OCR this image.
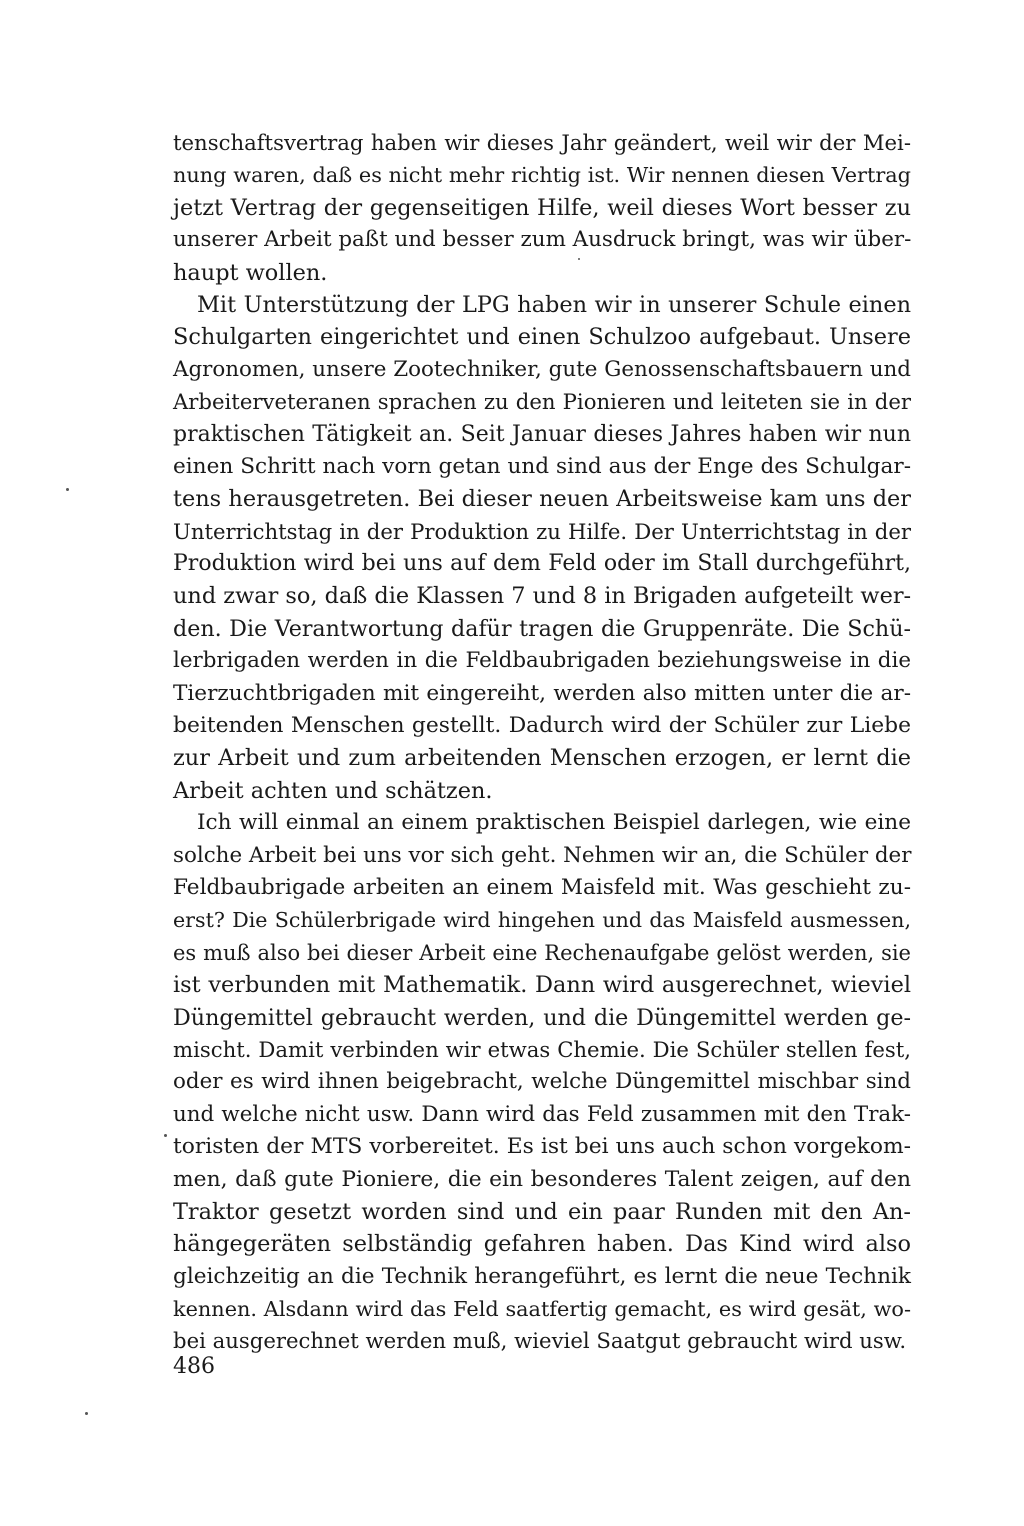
tenschaftsvertrag haben wir dieses Jahr geändert, weil wir der Mei-
nung waren, daß es nicht mehr richtig ist. Wir nennen diesen Vertrag
jetzt Vertrag der gegenseitigen Hilfe, weil dieses Wort besser zu
unserer Arbeit paßt und besser zum Ausdruck bringt, was wir über-
haupt wollen.
Mit Unterstützung der LPG haben wir in unserer Schule einen
Schulgarten eingerichtet und einen Schulzoo aufgebaut. Unsere
Agronomen, unsere Zootechniker, gute Genossenschaftsbauern und
Arbeiterveteranen sprachen zu den Pionieren und leiteten sie in der
praktischen Tätigkeit an. Seit Januar dieses Jahres haben wir nun
einen Schritt nach vorn getan und sind aus der Enge des Schulgar-
tens herausgetreten. Bei dieser neuen Arbeitsweise kam uns der
Unterrichtstag in der Produktion zu Hilfe. Der Unterrichtstag in der
Produktion wird bei uns auf dem Feld oder im Stall durchgeführt,
und zwar so, daß die Klassen 7 und 8 in Brigaden aufgeteilt wer-
den. Die Verantwortung dafür tragen die Gruppenräte. Die Schü-
lerbrigaden werden in die Feldbaubrigaden beziehungsweise in die
Tierzuchtbrigaden mit eingereiht, werden also mitten unter die ar-
beitenden Menschen gestellt. Dadurch wird der Schüler zur Liebe
zur Arbeit und zum arbeitenden Menschen erzogen, er lernt die
Arbeit achten und schätzen.
Ich will einmal an einem praktischen Beispiel darlegen, wie eine
solche Arbeit bei uns vor sich geht. Nehmen wir an, die Schüler der
Feldbaubrigade arbeiten an einem Maisfeld mit. Was geschieht zu-
erst? Die Schülerbrigade wird hingehen und das Maisfeld ausmessen,
es muß also bei dieser Arbeit eine Rechenaufgabe gelöst werden, sie
ist verbunden mit Mathematik. Dann wird ausgerechnet, wieviel
Düngemittel gebraucht werden, und die Düngemittel werden ge-
mischt. Damit verbinden wir etwas Chemie. Die Schüler stellen fest,
oder es wird ihnen beigebracht, welche Düngemittel mischbar sind
und welche nicht usw. Dann wird das Feld zusammen mit den Trak-
toristen der MTS vorbereitet. Es ist bei uns auch schon vorgekom-
men, daß gute Pioniere, die ein besonderes Talent zeigen, auf den
Traktor gesetzt worden sind und ein paar Runden mit den An-
hängegeräten selbständig gefahren haben. Das Kind wird also
gleichzeitig an die Technik herangeführt, es lernt die neue Technik
kennen. Alsdann wird das Feld saatfertig gemacht, es wird gesät, wo-
bei ausgerechnet werden muß, wieviel Saatgut gebraucht wird usw.
486
